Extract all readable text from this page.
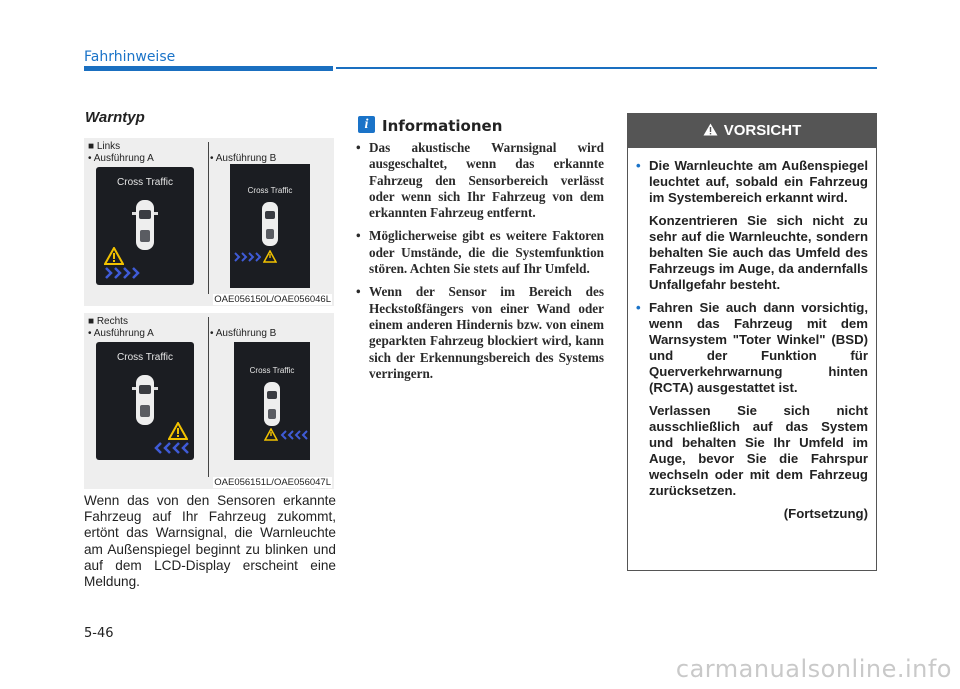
Fahrhinweise
Warntyp
■ Links
• Ausführung A	• Ausführung B
Cross Traffic
Cross Traffic
OAE056150L/OAE056046L
■ Rechts
• Ausführung A	• Ausführung B
Cross Traffic
Cross Traffic
OAE056151L/OAE056047L
Wenn das von den Sensoren erkannte Fahrzeug auf Ihr Fahrzeug zukommt, ertönt das Warnsignal, die Warnleuchte am Außenspiegel beginnt zu blinken und auf dem LCD-Display erscheint eine Meldung.
i Informationen
• Das akustische Warnsignal wird ausgeschaltet, wenn das erkannte Fahrzeug den Sensorbereich verlässt oder wenn sich Ihr Fahrzeug von dem erkannten Fahrzeug entfernt.
• Möglicherweise gibt es weitere Faktoren oder Umstände, die die Systemfunktion stören. Achten Sie stets auf Ihr Umfeld.
• Wenn der Sensor im Bereich des Heckstoßfängers von einer Wand oder einem anderen Hindernis bzw. von einem geparkten Fahrzeug blockiert wird, kann sich der Erkennungsbereich des Systems verringern.
VORSICHT
• Die Warnleuchte am Außenspiegel leuchtet auf, sobald ein Fahrzeug im Systembereich erkannt wird.

Konzentrieren Sie sich nicht zu sehr auf die Warnleuchte, sondern behalten Sie auch das Umfeld des Fahrzeugs im Auge, da andernfalls Unfallgefahr besteht.

• Fahren Sie auch dann vorsichtig, wenn das Fahrzeug mit dem Warnsystem "Toter Winkel" (BSD) und der Funktion für Querverkehrwarnung hinten (RCTA) ausgestattet ist.

Verlassen Sie sich nicht ausschließlich auf das System und behalten Sie Ihr Umfeld im Auge, bevor Sie die Fahrspur wechseln oder mit dem Fahrzeug zurücksetzen.

(Fortsetzung)
5-46
carmanualsonline.info
